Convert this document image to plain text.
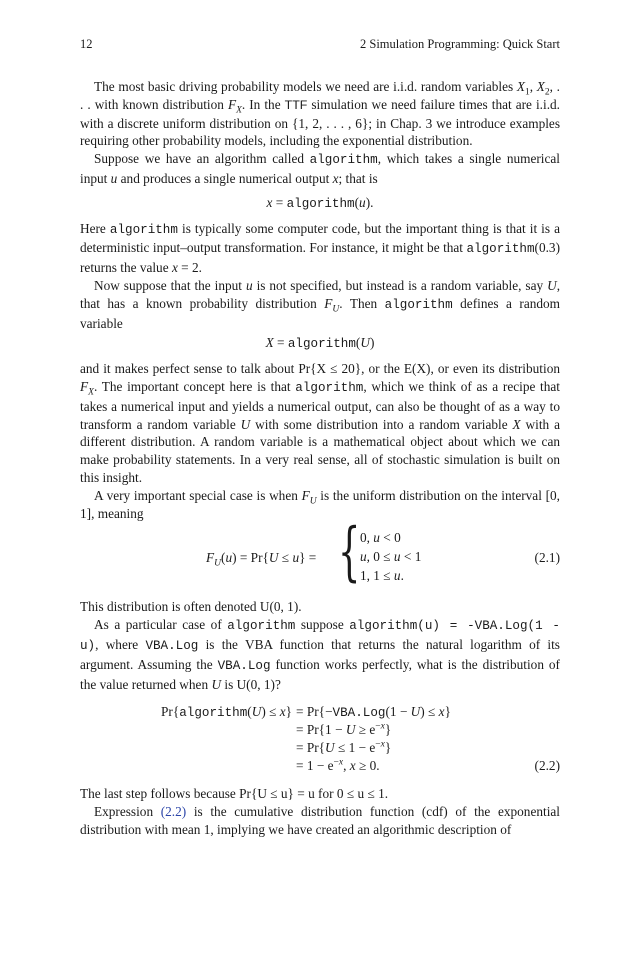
12	2 Simulation Programming: Quick Start

The most basic driving probability models we need are i.i.d. random variables $X_1$, $X_2$, . . . with known distribution $F_X$. In the TTF simulation we need failure times that are i.i.d. with a discrete uniform distribution on {1, 2, . . . , 6}; in Chap. 3 we introduce examples requiring other probability models, including the exponential distribution.

Suppose we have an algorithm called algorithm, which takes a single numerical input u and produces a single numerical output x; that is

x = algorithm(u).

Here algorithm is typically some computer code, but the important thing is that it is a deterministic input–output transformation. For instance, it might be that algorithm(0.3) returns the value x = 2.

Now suppose that the input u is not specified, but instead is a random variable, say U, that has a known probability distribution $F_U$. Then algorithm defines a random variable

X = algorithm(U)

and it makes perfect sense to talk about Pr{X ≤ 20}, or the E(X), or even its distribution $F_X$. The important concept here is that algorithm, which we think of as a recipe that takes a numerical input and yields a numerical output, can also be thought of as a way to transform a random variable U with some distribution into a random variable X with a different distribution. A random variable is a mathematical object about which we can make probability statements. In a very real sense, all of stochastic simulation is built on this insight.

A very important special case is when $F_U$ is the uniform distribution on the interval [0, 1], meaning

$F_U(u) = Pr\{U \le u\}$ = { 0, u < 0
u, 0 ≤ u < 1
1, 1 ≤ u.
(2.1)

This distribution is often denoted U(0, 1).

As a particular case of algorithm suppose algorithm(u) = -VBA.Log(1 - u), where VBA.Log is the VBA function that returns the natural logarithm of its argument. Assuming the VBA.Log function works perfectly, what is the distribution of the value returned when U is U(0, 1)?

Pr{algorithm(U) ≤ x} = Pr{−VBA.Log(1 − U) ≤ x}
= $Pr\{1 - U \ge e^{-x}\}$
= $Pr\{U \le 1 - e^{-x}\}$
= $1 - e^{-x}$, x ≥ 0.	(2.2)

The last step follows because Pr{U ≤ u} = u for 0 ≤ u ≤ 1.

Expression (2.2) is the cumulative distribution function (cdf) of the exponential distribution with mean 1, implying we have created an algorithmic description of
